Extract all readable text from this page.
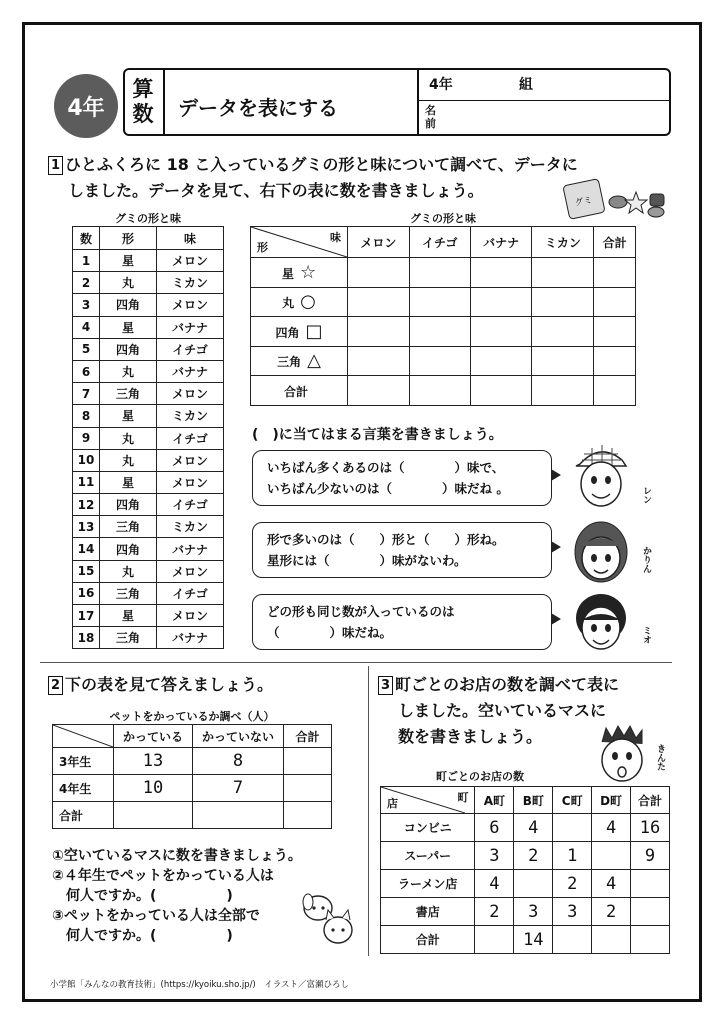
4年
算
数 データを表にする
4年	組
名
前
1 ひとふくろに 18 こ入っているグミの形と味について調べて、データに
しました。データを見て、右下の表に数を書きましょう。
グミ
グミの形と味
数	形	味
1	星	メロン
2	丸	ミカン
3	四角	メロン
4	星	バナナ
5	四角	イチゴ
6	丸	バナナ
7	三角	メロン
8	星	ミカン
9	丸	イチゴ
10	丸	メロン
11	星	メロン
12	四角	イチゴ
13	三角	ミカン
14	四角	バナナ
15	丸	メロン
16	三角	イチゴ
17	星	メロン
18	三角	バナナ
グミの形と味
味
形	メロン	イチゴ	バナナ	ミカン	合計
星 ☆					
丸 ○					
四角 □					
三角 △					
合計					
(　)に当てはまる言葉を書きましょう。
いちばん多くあるのは（　　　　）味で、
いちばん少ないのは（　　　　）味だね 。
形で多いのは（　　）形と（　　）形ね。
星形には（　　　　）味がないわ。
どの形も同じ数が入っているのは
（　　　　）味だね。
レン
かりん
ミオ
2 下の表を見て答えましょう。
ペットをかっているか調べ（人）
	かっている	かっていない	合計
3年生	13	8	
4年生	10	7	
合計			
①空いているマスに数を書きましょう。
②４年生でペットをかっている人は
　何人ですか。(　　　　　)
③ペットをかっている人は全部で
　何人ですか。(　　　　　)
3 町ごとのお店の数を調べて表に
しました。空いているマスに
数を書きましょう。
きんた
町ごとのお店の数
町
店	A町	B町	C町	D町	合計
コンビニ	6	4		4	16
スーパー	3	2	1		9
ラーメン店	4		2	4	
書店	2	3	3	2	
合計		14			
小学館「みんなの教育技術」(https://kyoiku.sho.jp/)　イラスト／富瀬ひろし
